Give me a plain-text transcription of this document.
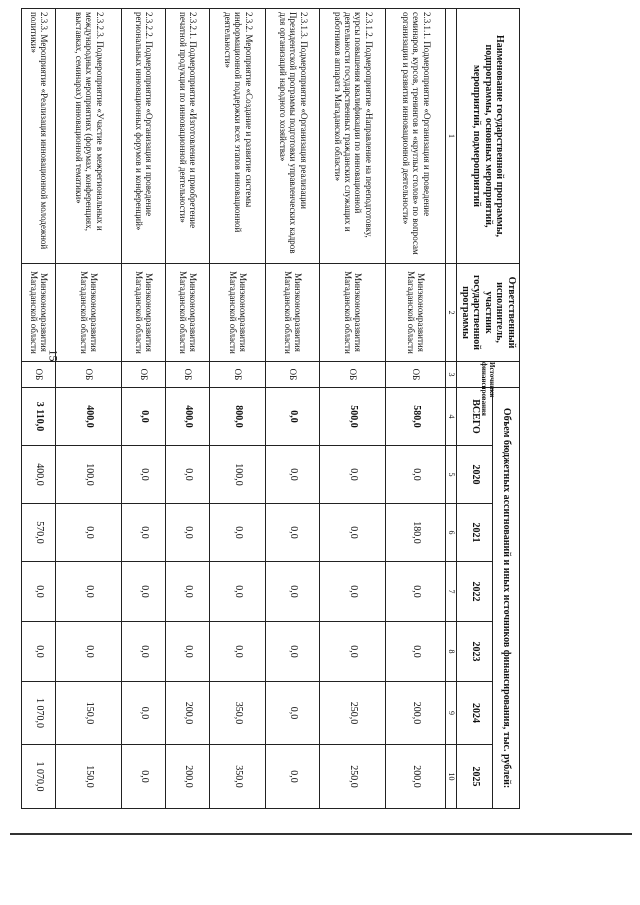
15
Наименование государственной программы, подпрограммы, основных мероприятий, мероприятий, подмероприятий	Ответственный исполнитель, участник государственной программы	Источники финансирования	Объем бюджетных ассигнований и иных источников финансирования, тыс. рублей:						
			ВСЕГО	2020	2021	2022	2023	2024	2025
1	2	3	4	5	6	7	8	9	10
2.3.1.1. Подмероприятие «Организация и проведение семинаров, курсов, тренингов и «круглых столов» по вопросам организации и развития инновационной деятельности»	Минэкономразвития Магаданской области	ОБ	580,0	0,0	180,0	0,0	0,0	200,0	200,0
2.3.1.2. Подмероприятие «Направление на переподготовку, курсы повышения квалификации по инновационной деятельности государственных гражданских служащих и работников аппарата Магаданской области»	Минэкономразвития Магаданской области	ОБ	500,0	0,0	0,0	0,0	0,0	250,0	250,0
2.3.1.3. Подмероприятие «Организация реализации Президентской программы подготовки управленческих кадров для организаций народного хозяйства»	Минэкономразвития Магаданской области	ОБ	0,0	0,0	0,0	0,0	0,0	0,0	0,0
2.3.2. Мероприятие «Создание и развитие системы информационной поддержки всех этапов инновационной деятельности»	Минэкономразвития Магаданской области	ОБ	800,0	100,0	0,0	0,0	0,0	350,0	350,0
2.3.2.1. Подмероприятие «Изготовление и приобретение печатной продукции по инновационной деятельности»	Минэкономразвития Магаданской области	ОБ	400,0	0,0	0,0	0,0	0,0	200,0	200,0
2.3.2.2. Подмероприятие «Организация и проведение региональных инновационных форумов и конференций»	Минэкономразвития Магаданской области	ОБ	0,0	0,0	0,0	0,0	0,0	0,0	0,0
2.3.2.3. Подмероприятие «Участие в межрегиональных и международных мероприятиях (форумах, конференциях, выставках, семинарах) инновационной тематики»	Минэкономразвития Магаданской области	ОБ	400,0	100,0	0,0	0,0	0,0	150,0	150,0
2.3.3. Мероприятие «Реализация инновационной молодежной политики»	Минэкономразвития Магаданской области	ОБ	3 110,0	400,0	570,0	0,0	0,0	1 070,0	1 070,0
